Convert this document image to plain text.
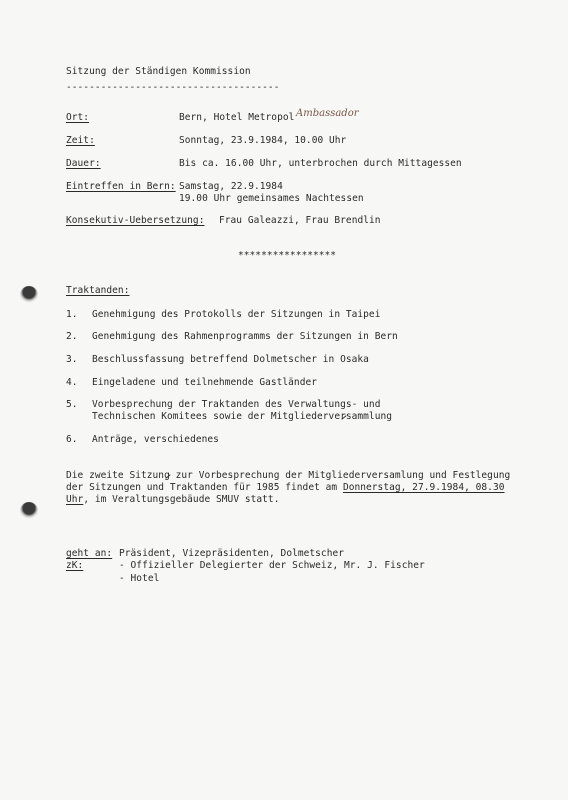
Sitzung der Ständigen Kommission
-------------------------------------
Ort:	Bern, Hotel Metropol Ambassador
Zeit:	Sonntag, 23.9.1984, 10.00 Uhr
Dauer:	Bis ca. 16.00 Uhr, unterbrochen durch Mittagessen
Eintreffen in Bern: Samstag, 22.9.1984
19.00 Uhr gemeinsames Nachtessen
Konsekutiv-Uebersetzung: Frau Galeazzi, Frau Brendlin
*****************
Traktanden:
1. Genehmigung des Protokolls der Sitzungen in Taipei
2. Genehmigung des Rahmenprogramms der Sitzungen in Bern
3. Beschlussfassung betreffend Dolmetscher in Osaka
4. Eingeladene und teilnehmende Gastländer
5. Vorbesprechung der Traktanden des Verwaltungs- und
Technischen Komitees sowie der Mitgliederversammlung
6. Anträge, verschiedenes
Die zweite Sitzung zur Vorbesprechung der Mitgliederversamlung und Festlegung
der Sitzungen und Traktanden für 1985 findet am Donnerstag, 27.9.1984, 08.30
Uhr, im Veraltungsgebäude SMUV statt.
geht an: Präsident, Vizepräsidenten, Dolmetscher
zK:	- Offizieller Delegierter der Schweiz, Mr. J. Fischer
- Hotel
